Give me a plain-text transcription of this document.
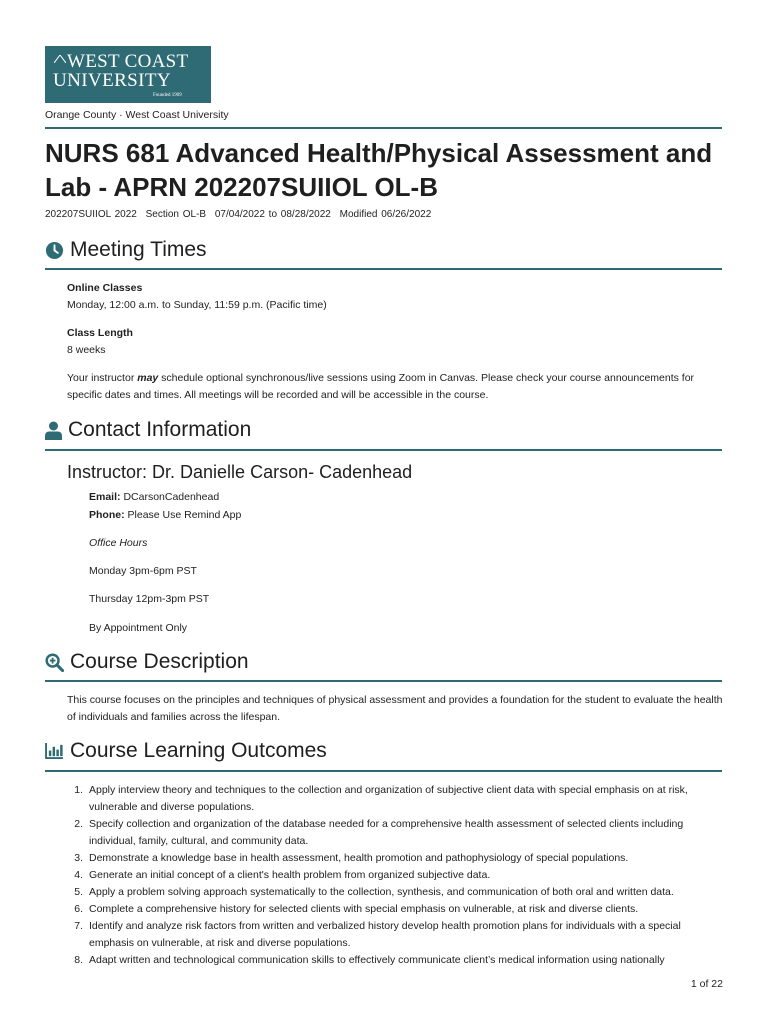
WEST COAST
UNIVERSITY
Founded 1909
Orange County · West Coast University
NURS 681 Advanced Health/Physical Assessment and Lab - APRN 202207SUIIOL OL-B
202207SUIIOL 2022 Section OL-B 07/04/2022 to 08/28/2022 Modified 06/26/2022
Meeting Times
Online Classes
Monday, 12:00 a.m. to Sunday, 11:59 p.m. (Pacific time)
Class Length
8 weeks
Your instructor may schedule optional synchronous/live sessions using Zoom in Canvas. Please check your course announcements for specific dates and times. All meetings will be recorded and will be accessible in the course.
Contact Information
Instructor: Dr. Danielle Carson- Cadenhead
Email: DCarsonCadenhead
Phone: Please Use Remind App
Office Hours
Monday 3pm-6pm PST
Thursday 12pm-3pm PST
By Appointment Only
Course Description
This course focuses on the principles and techniques of physical assessment and provides a foundation for the student to evaluate the health of individuals and families across the lifespan.
Course Learning Outcomes
1. Apply interview theory and techniques to the collection and organization of subjective client data with special emphasis on at risk, vulnerable and diverse populations.
2. Specify collection and organization of the database needed for a comprehensive health assessment of selected clients including individual, family, cultural, and community data.
3. Demonstrate a knowledge base in health assessment, health promotion and pathophysiology of special populations.
4. Generate an initial concept of a client's health problem from organized subjective data.
5. Apply a problem solving approach systematically to the collection, synthesis, and communication of both oral and written data.
6. Complete a comprehensive history for selected clients with special emphasis on vulnerable, at risk and diverse clients.
7. Identify and analyze risk factors from written and verbalized history develop health promotion plans for individuals with a special emphasis on vulnerable, at risk and diverse populations.
8. Adapt written and technological communication skills to effectively communicate client’s medical information using nationally
1 of 22
